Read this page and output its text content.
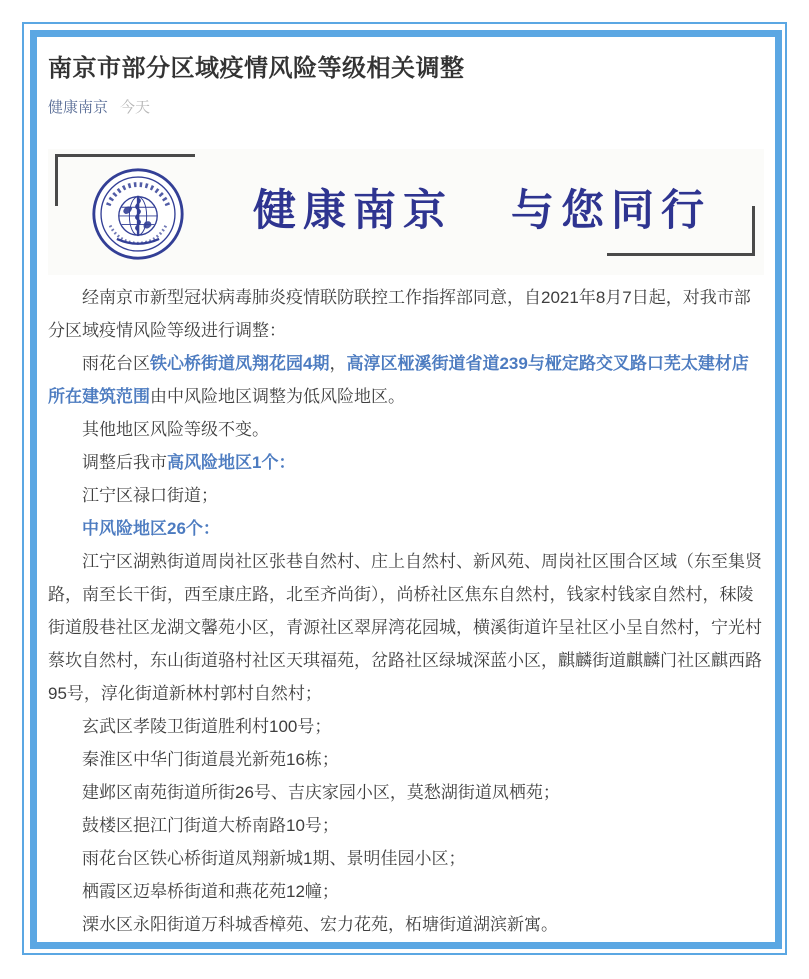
南京市部分区域疫情风险等级相关调整
健康南京 今天
健康南京 与您同行

经南京市新型冠状病毒肺炎疫情联防联控工作指挥部同意，自2021年8月7日起，对我市部分区域疫情风险等级进行调整：

雨花台区铁心桥街道凤翔花园4期，高淳区桠溪街道省道239与桠定路交叉路口芜太建材店所在建筑范围由中风险地区调整为低风险地区。

其他地区风险等级不变。

调整后我市高风险地区1个：

江宁区禄口街道；

中风险地区26个：

江宁区湖熟街道周岗社区张巷自然村、庄上自然村、新风苑、周岗社区围合区域（东至集贤路，南至长干街，西至康庄路，北至齐尚街），尚桥社区焦东自然村，钱家村钱家自然村，秣陵街道殷巷社区龙湖文馨苑小区，青源社区翠屏湾花园城，横溪街道许呈社区小呈自然村，宁光村蔡坎自然村，东山街道骆村社区天琪福苑，岔路社区绿城深蓝小区，麒麟街道麒麟门社区麒西路95号，淳化街道新林村郭村自然村；

玄武区孝陵卫街道胜利村100号；

秦淮区中华门街道晨光新苑16栋；

建邺区南苑街道所街26号、吉庆家园小区，莫愁湖街道凤栖苑；

鼓楼区挹江门街道大桥南路10号；

雨花台区铁心桥街道凤翔新城1期、景明佳园小区；

栖霞区迈皋桥街道和燕花苑12幢；

溧水区永阳街道万科城香樟苑、宏力花苑，柘塘街道湖滨新寓。
